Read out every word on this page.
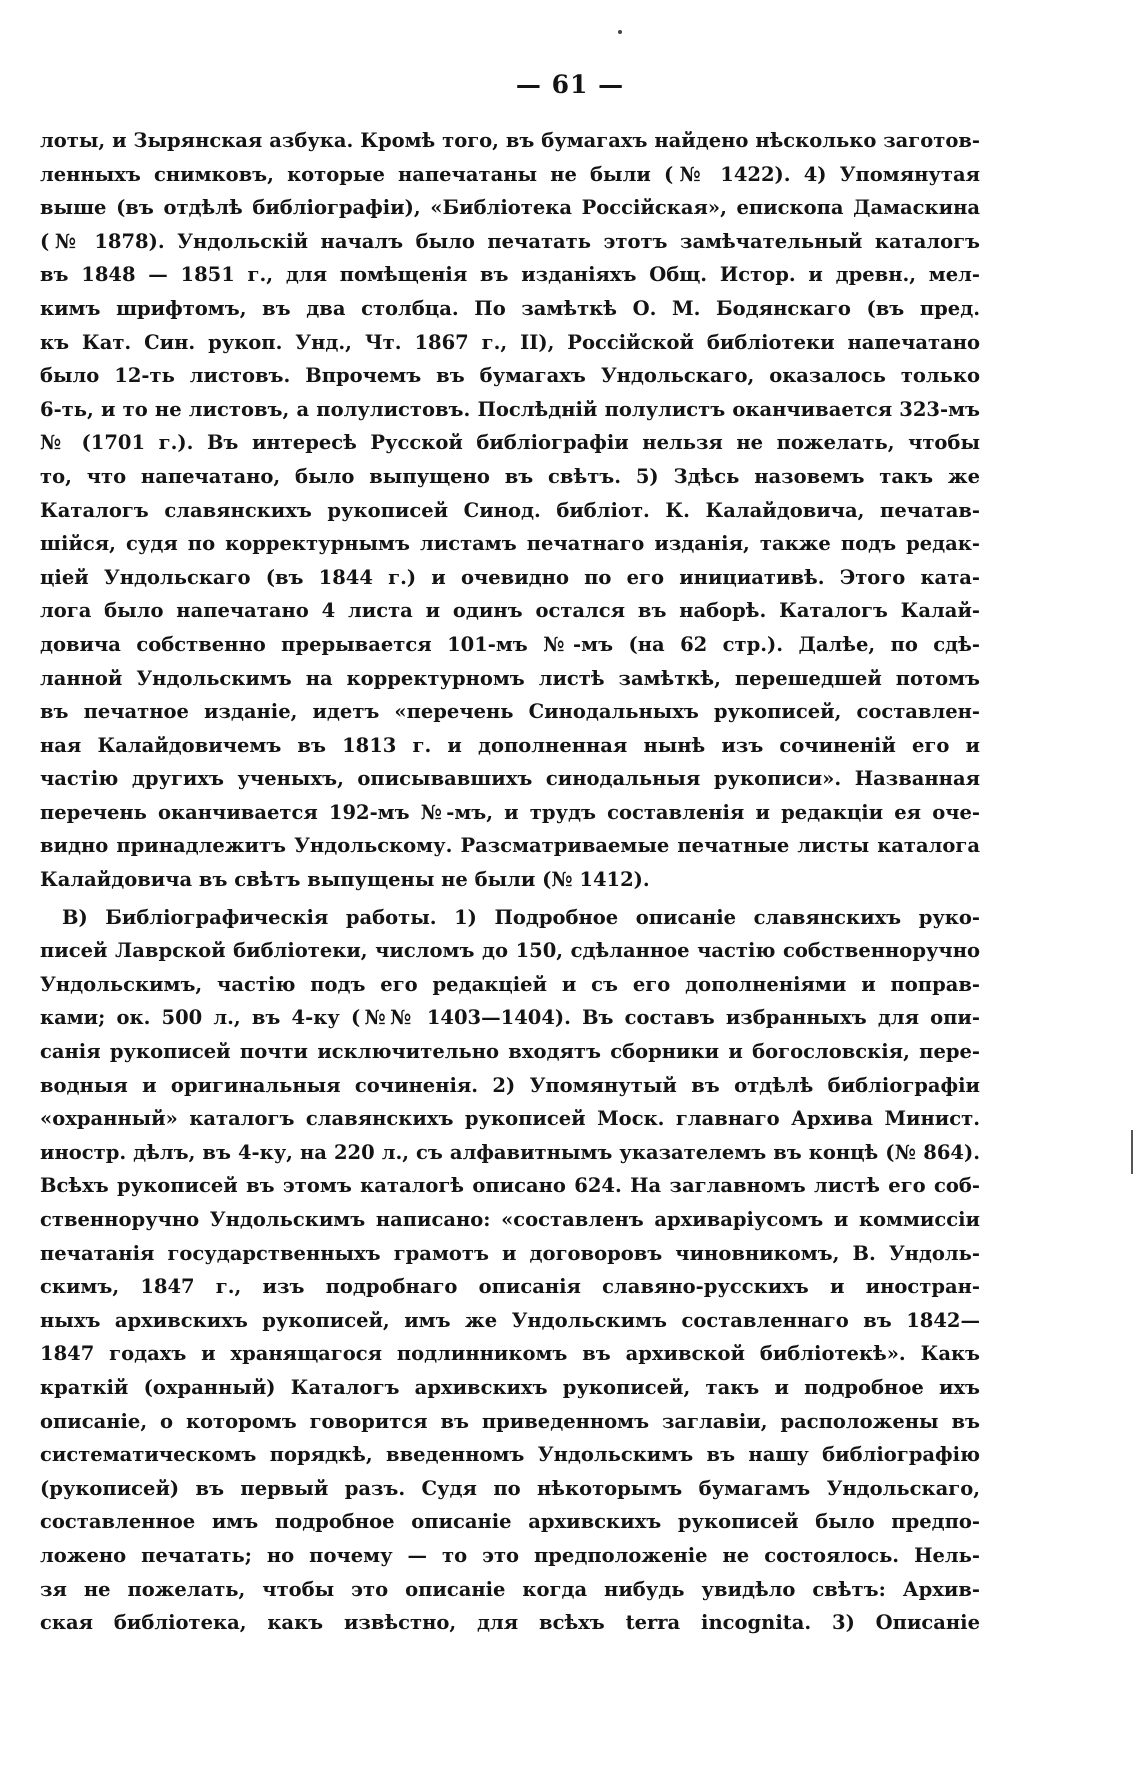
— 61 —
лоты, и Зырянская азбука. Кромѣ того, въ бумагахъ найдено нѣсколько заготов-
ленныхъ снимковъ, которые напечатаны не были (№ 1422). 4) Упомянутая
выше (въ отдѣлѣ библіографіи), «Библіотека Россійская», епископа Дамаскина
(№ 1878). Ундольскій началъ было печатать этотъ замѣчательный каталогъ
въ 1848 — 1851 г., для помѣщенія въ изданіяхъ Общ. Истор. и древн., мел-
кимъ шрифтомъ, въ два столбца. По замѣткѣ О. М. Бодянскаго (въ пред.
къ Кат. Син. рукоп. Унд., Чт. 1867 г., II), Россійской библіотеки напечатано
было 12-ть листовъ. Впрочемъ въ бумагахъ Ундольскаго, оказалось только
6-ть, и то не листовъ, а полулистовъ. Послѣдній полулистъ оканчивается 323-мъ
№ (1701 г.). Въ интересѣ Русской библіографіи нельзя не пожелать, чтобы
то, что напечатано, было выпущено въ свѣтъ. 5) Здѣсь назовемъ такъ же
Каталогъ славянскихъ рукописей Синод. библіот. К. Калайдовича, печатав-
шійся, судя по корректурнымъ листамъ печатнаго изданія, также подъ редак-
ціей Ундольскаго (въ 1844 г.) и очевидно по его инициативѣ. Этого ката-
лога было напечатано 4 листа и одинъ остался въ наборѣ. Каталогъ Калай-
довича собственно прерывается 101-мъ №-мъ (на 62 стр.). Далѣе, по сдѣ-
ланной Ундольскимъ на корректурномъ листѣ замѣткѣ, перешедшей потомъ
въ печатное изданіе, идетъ «перечень Синодальныхъ рукописей, составлен-
ная Калайдовичемъ въ 1813 г. и дополненная нынѣ изъ сочиненій его и
частію другихъ ученыхъ, описывавшихъ синодальныя рукописи». Названная
перечень оканчивается 192-мъ №-мъ, и трудъ составленія и редакціи ея оче-
видно принадлежитъ Ундольскому. Разсматриваемые печатные листы каталога
Калайдовича въ свѣтъ выпущены не были (№ 1412).
В) Библіографическія работы. 1) Подробное описаніе славянскихъ руко-
писей Лаврской библіотеки, числомъ до 150, сдѣланное частію собственноручно
Ундольскимъ, частію подъ его редакціей и съ его дополненіями и поправ-
ками; ок. 500 л., въ 4-ку (№№ 1403—1404). Въ составъ избранныхъ для опи-
санія рукописей почти исключительно входятъ сборники и богословскія, пере-
водныя и оригинальныя сочиненія. 2) Упомянутый въ отдѣлѣ библіографіи
«охранный» каталогъ славянскихъ рукописей Моск. главнаго Архива Минист.
иностр. дѣлъ, въ 4-ку, на 220 л., съ алфавитнымъ указателемъ въ концѣ (№ 864).
Всѣхъ рукописей въ этомъ каталогѣ описано 624. На заглавномъ листѣ его соб-
ственноручно Ундольскимъ написано: «составленъ архиваріусомъ и коммиссіи
печатанія государственныхъ грамотъ и договоровъ чиновникомъ, В. Ундоль-
скимъ, 1847 г., изъ подробнаго описанія славяно-русскихъ и иностран-
ныхъ архивскихъ рукописей, имъ же Ундольскимъ составленнаго въ 1842—
1847 годахъ и хранящагося подлинникомъ въ архивской библіотекѣ». Какъ
краткій (охранный) Каталогъ архивскихъ рукописей, такъ и подробное ихъ
описаніе, о которомъ говорится въ приведенномъ заглавіи, расположены въ
систематическомъ порядкѣ, введенномъ Ундольскимъ въ нашу библіографію
(рукописей) въ первый разъ. Судя по нѣкоторымъ бумагамъ Ундольскаго,
составленное имъ подробное описаніе архивскихъ рукописей было предпо-
ложено печатать; но почему — то это предположеніе не состоялось. Нель-
зя не пожелать, чтобы это описаніе когда нибудь увидѣло свѣтъ: Архив-
ская библіотека, какъ извѣстно, для всѣхъ terra incognita. 3) Описаніе
